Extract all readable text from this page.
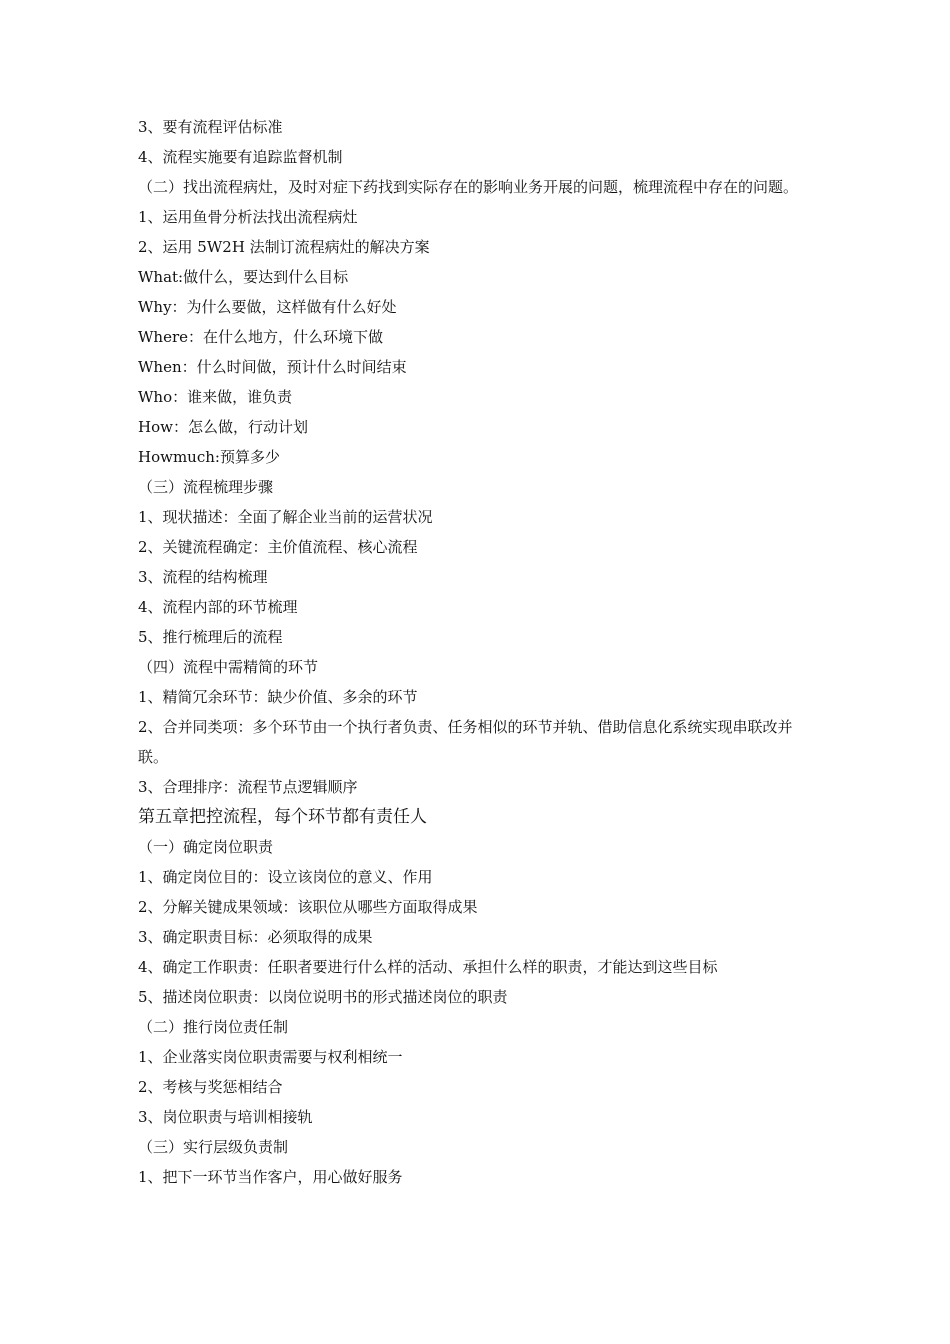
3、要有流程评估标准
4、流程实施要有追踪监督机制
（二）找出流程病灶，及时对症下药找到实际存在的影响业务开展的问题，梳理流程中存在的问题。
1、运用鱼骨分析法找出流程病灶
2、运用 5W2H 法制订流程病灶的解决方案
What:做什么，要达到什么目标
Why：为什么要做，这样做有什么好处
Where：在什么地方，什么环境下做
When：什么时间做，预计什么时间结束
Who：谁来做，谁负责
How：怎么做，行动计划
Howmuch:预算多少
（三）流程梳理步骤
1、现状描述：全面了解企业当前的运营状况
2、关键流程确定：主价值流程、核心流程
3、流程的结构梳理
4、流程内部的环节梳理
5、推行梳理后的流程
（四）流程中需精简的环节
1、精简冗余环节：缺少价值、多余的环节
2、合并同类项：多个环节由一个执行者负责、任务相似的环节并轨、借助信息化系统实现串联改并联。
3、合理排序：流程节点逻辑顺序
第五章把控流程，每个环节都有责任人
（一）确定岗位职责
1、确定岗位目的：设立该岗位的意义、作用
2、分解关键成果领域：该职位从哪些方面取得成果
3、确定职责目标：必须取得的成果
4、确定工作职责：任职者要进行什么样的活动、承担什么样的职责，才能达到这些目标
5、描述岗位职责：以岗位说明书的形式描述岗位的职责
（二）推行岗位责任制
1、企业落实岗位职责需要与权利相统一
2、考核与奖惩相结合
3、岗位职责与培训相接轨
（三）实行层级负责制
1、把下一环节当作客户，用心做好服务
